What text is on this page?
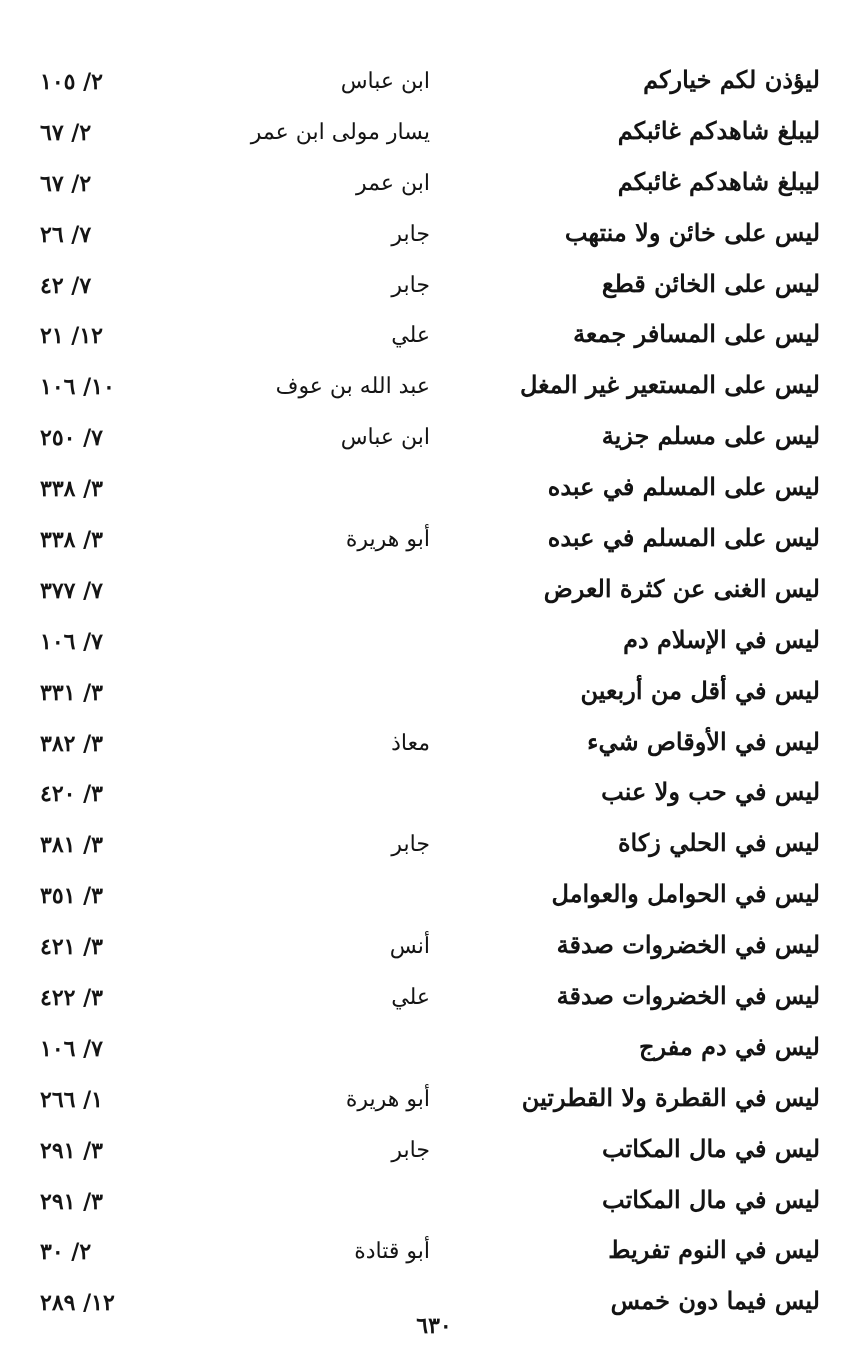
ليؤذن لكم خياركم
ابن عباس
٢/ ١٠٥
ليبلغ شاهدكم غائبكم
يسار مولى ابن عمر
٢/ ٦٧
ليبلغ شاهدكم غائبكم
ابن عمر
٢/ ٦٧
ليس على خائن ولا منتهب
جابر
٧/ ٢٦
ليس على الخائن قطع
جابر
٧/ ٤٢
ليس على المسافر جمعة
علي
١٢/ ٢١
ليس على المستعير غير المغل
عبد الله بن عوف
١٠/ ١٠٦
ليس على مسلم جزية
ابن عباس
٧/ ٢٥٠
ليس على المسلم في عبده
٣/ ٣٣٨
ليس على المسلم في عبده
أبو هريرة
٣/ ٣٣٨
ليس الغنى عن كثرة العرض
٧/ ٣٧٧
ليس في الإسلام دم
٧/ ١٠٦
ليس في أقل من أربعين
٣/ ٣٣١
ليس في الأوقاص شيء
معاذ
٣/ ٣٨٢
ليس في حب ولا عنب
٣/ ٤٢٠
ليس في الحلي زكاة
جابر
٣/ ٣٨١
ليس في الحوامل والعوامل
٣/ ٣٥١
ليس في الخضروات صدقة
أنس
٣/ ٤٢١
ليس في الخضروات صدقة
علي
٣/ ٤٢٢
ليس في دم مفرج
٧/ ١٠٦
ليس في القطرة ولا القطرتين
أبو هريرة
١/ ٢٦٦
ليس في مال المكاتب
جابر
٣/ ٢٩١
ليس في مال المكاتب
٣/ ٢٩١
ليس في النوم تفريط
أبو قتادة
٢/ ٣٠
ليس فيما دون خمس
١٢/ ٢٨٩
٦٣٠
